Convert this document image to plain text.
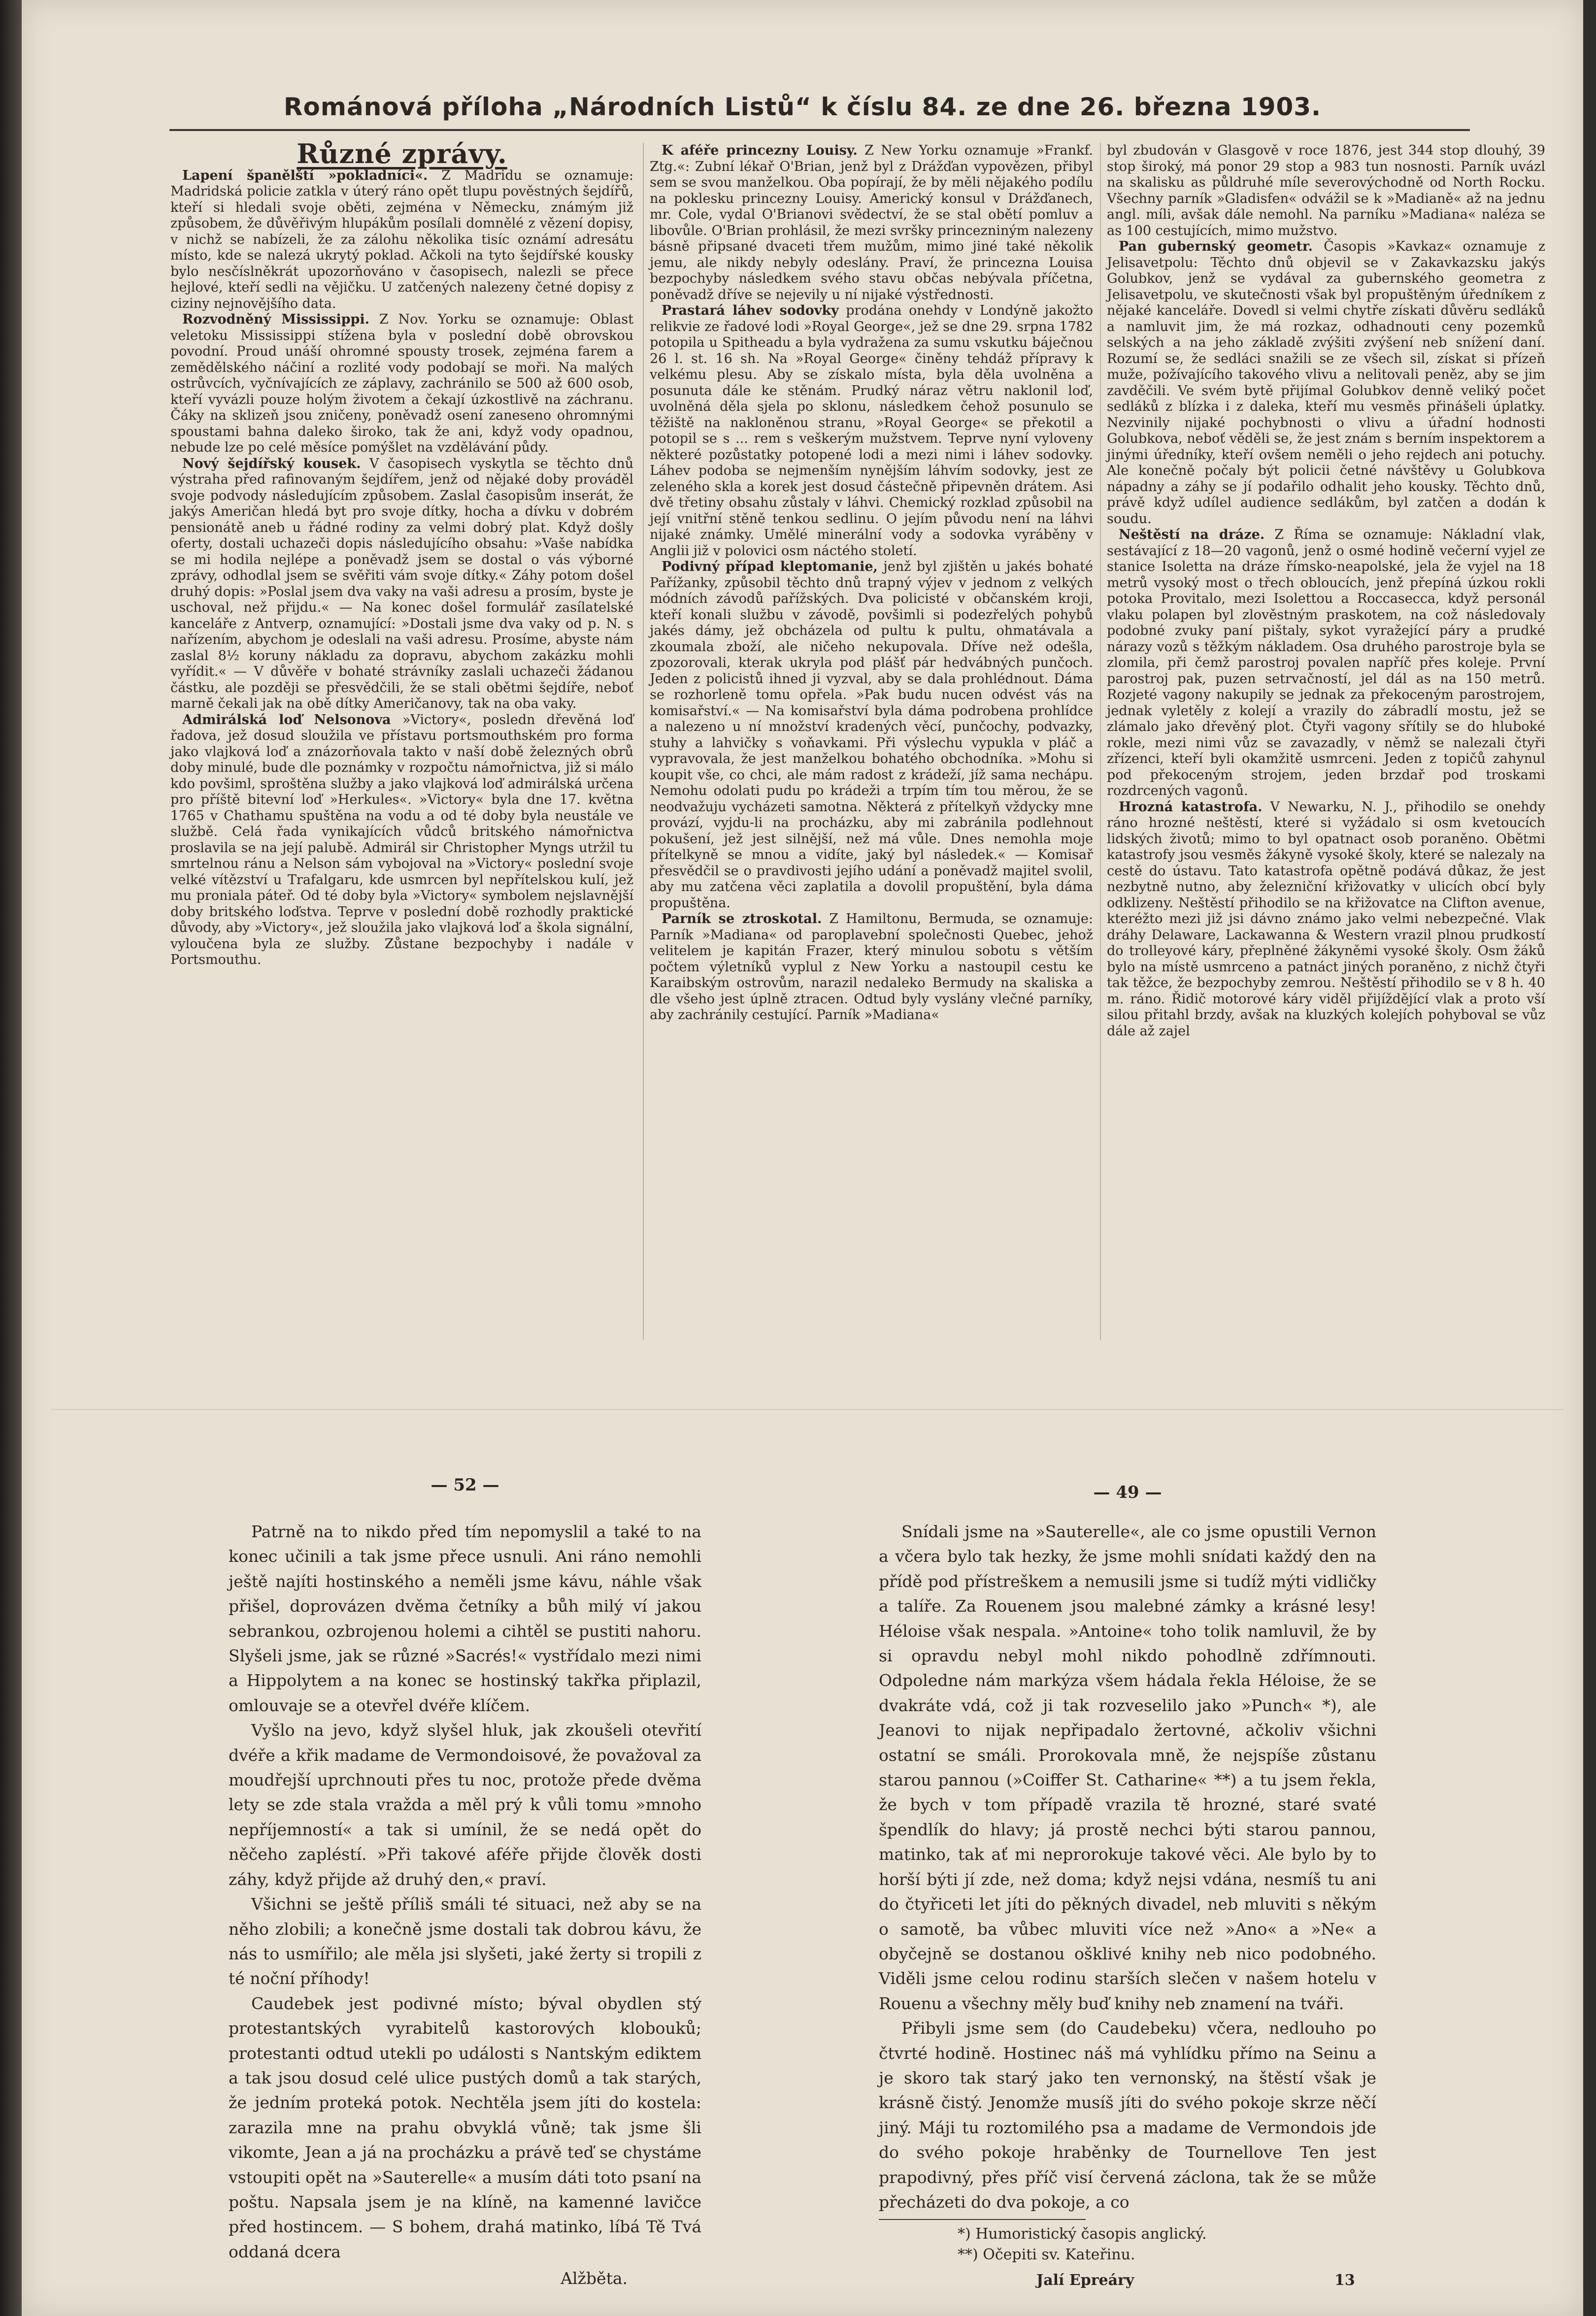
Románová příloha „Národních Listů“ k číslu 84. ze dne 26. března 1903.
Různé zprávy.

Lapení španělští »pokladníci«. Z Madridu se oznamuje: Madridská policie zatkla v úterý ráno opět tlupu pověstných šejdířů, kteří si hledali svoje oběti, zejména v Německu, známým již způsobem, že důvěřivým hlupákům posílali domnělé z vězení dopisy, v nichž se nabízeli, že za zálohu několika tisíc oznámí adresátu místo, kde se nalezá ukrytý poklad. Ačkoli na tyto šejdířské kousky bylo nesčíslněkrát upozorňováno v časopisech, nalezli se přece hejlové, kteří sedli na vějičku. U zatčených nalezeny četné dopisy z ciziny nejnovějšího data.

Rozvodněný Mississippi. Z Nov. Yorku se oznamuje: Oblast veletoku Mississippi stížena byla v poslední době obrovskou povodní. Proud unáší ohromné spousty trosek, zejména farem a zemědělského náčiní a rozlité vody podobají se moři. Na malých ostrůvcích, vyčnívajících ze záplavy, zachránilo se 500 až 600 osob, kteří vyvázli pouze holým životem a čekají úzkostlivě na záchranu. Čáky na sklizeň jsou zničeny, poněvadž osení zaneseno ohromnými spoustami bahna daleko široko, tak že ani, když vody opadnou, nebude lze po celé měsíce pomýšlet na vzdělávání půdy.

Nový šejdířský kousek. V časopisech vyskytla se těchto dnů výstraha před rafinovaným šejdířem, jenž od nějaké doby prováděl svoje podvody následujícím způsobem. Zaslal časopisům inserát, že jakýs Američan hledá byt pro svoje dítky, hocha a dívku v dobrém pensionátě aneb u řádné rodiny za velmi dobrý plat. Když došly oferty, dostali uchazeči dopis následujícího obsahu: »Vaše nabídka se mi hodila nejlépe a poněvadž jsem se dostal o vás výborné zprávy, odhodlal jsem se svěřiti vám svoje dítky.« Záhy potom došel druhý dopis: »Poslal jsem dva vaky na vaši adresu a prosím, byste je uschoval, než přijdu.« — Na konec došel formulář zasílatelské kanceláře z Antverp, oznamující: »Dostali jsme dva vaky od p. N. s nařízením, abychom je odeslali na vaši adresu. Prosíme, abyste nám zaslal 8½ koruny nákladu za dopravu, abychom zakázku mohli vyřídit.« — V důvěře v bohaté strávníky zaslali uchazeči žádanou částku, ale později se přesvědčili, že se stali obětmi šejdíře, neboť marně čekali jak na obě dítky Američanovy, tak na oba vaky.

Admirálská loď Nelsonova »Victory«, posledn dřevěná loď řadova, jež dosud sloužila ve přístavu portsmouthském pro forma jako vlajková loď a znázorňovala takto v naší době železných obrů doby minulé, bude dle poznámky v rozpočtu námořnictva, již si málo kdo povšiml, sproštěna služby a jako vlajková loď admirálská určena pro příště bitevní loď »Herkules«. »Victory« byla dne 17. května 1765 v Chathamu spuštěna na vodu a od té doby byla neustále ve službě. Celá řada vynikajících vůdců britského námořnictva proslavila se na její palubě. Admirál sir Christopher Myngs utržil tu smrtelnou ránu a Nelson sám vybojoval na »Victory« poslední svoje velké vítězství u Trafalgaru, kde usmrcen byl nepřítelskou kulí, jež mu proniala páteř. Od té doby byla »Victory« symbolem nejslavnější doby britského loďstva. Teprve v poslední době rozhodly praktické důvody, aby »Victory«, jež sloužila jako vlajková loď a škola signální, vyloučena byla ze služby. Zůstane bezpochyby i nadále v Portsmouthu.

K aféře princezny Louisy. Z New Yorku oznamuje »Frankf. Ztg.«: Zubní lékař O'Brian, jenž byl z Drážďan vypovězen, přibyl sem se svou manželkou. Oba popírají, že by měli nějakého podílu na poklesku princezny Louisy. Americký konsul v Drážďanech, mr. Cole, vydal O'Brianovi svědectví, že se stal obětí pomluv a libovůle. O'Brian prohlásil, že mezi svršky princezniným nalezeny básně připsané dvaceti třem mužům, mimo jiné také několik jemu, ale nikdy nebyly odeslány. Praví, že princezna Louisa bezpochyby následkem svého stavu občas nebývala příčetna, poněvadž dříve se nejevily u ní nijaké výstřednosti.

Prastará láhev sodovky prodána onehdy v Londýně jakožto relikvie ze řadové lodi »Royal George«, jež se dne 29. srpna 1782 potopila u Spitheadu a byla vydražena za sumu vskutku báječnou 26 l. st. 16 sh. Na »Royal George« činěny tehdáž přípravy k velkému plesu. Aby se získalo místa, byla děla uvolněna a posunuta dále ke stěnám. Prudký náraz větru naklonil loď, uvolněná děla sjela po sklonu, následkem čehož posunulo se těžiště na nakloněnou stranu, »Royal George« se překotil a potopil se s ... rem s veškerým mužstvem. Teprve nyní vyloveny některé pozůstatky potopené lodi a mezi nimi i láhev sodovky. Láhev podoba se nejmenším nynějším láhvím sodovky, jest ze zeleného skla a korek jest dosud částečně připevněn drátem. Asi dvě třetiny obsahu zůstaly v láhvi. Chemický rozklad způsobil na její vnitřní stěně tenkou sedlinu. O jejím původu není na láhvi nijaké známky. Umělé minerální vody a sodovka vyráběny v Anglii již v polovici osm náctého století.

Podivný případ kleptomanie, jenž byl zjištěn u jakés bohaté Pařížanky, způsobil těchto dnů trapný výjev v jednom z velkých módních závodů pařížských. Dva policisté v občanském kroji, kteří konali službu v závodě, povšimli si podezřelých pohybů jakés dámy, jež obcházela od pultu k pultu, ohmatávala a zkoumala zboží, ale ničeho nekupovala. Dříve než odešla, zpozorovali, kterak ukryla pod plášť pár hedvábných punčoch. Jeden z policistů ihned ji vyzval, aby se dala prohlédnout. Dáma se rozhorleně tomu opřela. »Pak budu nucen odvést vás na komisařství.« — Na komisařství byla dáma podrobena prohlídce a nalezeno u ní množství kradených věcí, punčochy, podvazky, stuhy a lahvičky s voňavkami. Při výslechu vypukla v pláč a vypravovala, že jest manželkou bohatého obchodníka. »Mohu si koupit vše, co chci, ale mám radost z krádeží, jíž sama nechápu. Nemohu odolati pudu po krádeži a trpím tím tou měrou, že se neodvažuju vycházeti samotna. Některá z přítelkyň vždycky mne provází, vyjdu-li na procházku, aby mi zabránila podlehnout pokušení, jež jest silnější, než má vůle. Dnes nemohla moje přítelkyně se mnou a vidíte, jaký byl následek.« — Komisař přesvědčil se o pravdivosti jejího udání a poněvadž majitel svolil, aby mu zatčena věci zaplatila a dovolil propuštění, byla dáma propuštěna.

Parník se ztroskotal. Z Hamiltonu, Bermuda, se oznamuje: Parník »Madiana« od paroplavební společnosti Quebec, jehož velitelem je kapitán Frazer, který minulou sobotu s větším počtem výletníků vyplul z New Yorku a nastoupil cestu ke Karaibským ostrovům, narazil nedaleko Bermudy na skaliska a dle všeho jest úplně ztracen. Odtud byly vyslány vlečné parníky, aby zachránily cestující. Parník »Madiana«

byl zbudován v Glasgově v roce 1876, jest 344 stop dlouhý, 39 stop široký, má ponor 29 stop a 983 tun nosnosti. Parník uvázl na skalisku as půldruhé míle severovýchodně od North Rocku. Všechny parník »Gladisfen« odvážil se k »Madianě« až na jednu angl. míli, avšak dále nemohl. Na parníku »Madiana« naléza se as 100 cestujících, mimo mužstvo.

Pan gubernský geometr. Časopis »Kavkaz« oznamuje z Jelisavetpolu: Těchto dnů objevil se v Zakavkazsku jakýs Golubkov, jenž se vydával za gubernského geometra z Jelisavetpolu, ve skutečnosti však byl propuštěným úředníkem z nějaké kanceláře. Dovedl si velmi chytře získati důvěru sedláků a namluvit jim, že má rozkaz, odhadnouti ceny pozemků selských a na jeho základě zvýšiti zvýšení neb snížení daní. Rozumí se, že sedláci snažili se ze všech sil, získat si přízeň muže, požívajícího takového vlivu a nelitovali peněz, aby se jim zavděčili. Ve svém bytě přijímal Golubkov denně veliký počet sedláků z blízka i z daleka, kteří mu vesměs přinášeli úplatky. Nezvinily nijaké pochybnosti o vlivu a úřadní hodnosti Golubkova, neboť věděli se, že jest znám s berním inspektorem a jinými úředníky, kteří ovšem neměli o jeho rejdech ani potuchy. Ale konečně počaly být policii četné návštěvy u Golubkova nápadny a záhy se jí podařilo odhalit jeho kousky. Těchto dnů, právě když udílel audience sedlákům, byl zatčen a dodán k soudu.

Neštěstí na dráze. Z Říma se oznamuje: Nákladní vlak, sestávající z 18—20 vagonů, jenž o osmé hodině večerní vyjel ze stanice Isoletta na dráze římsko-neapolské, jela že vyjel na 18 metrů vysoký most o třech obloucích, jenž přepíná úzkou rokli potoka Provitalo, mezi Isolettou a Roccasecca, když personál vlaku polapen byl zlověstným praskotem, na což následovaly podobné zvuky paní pištaly, sykot vyražející páry a prudké nárazy vozů s těžkým nákladem. Osa druhého parostroje byla se zlomila, při čemž parostroj povalen napříč přes koleje. První parostroj pak, puzen setrvačností, jel dál as na 150 metrů. Rozjeté vagony nakupily se jednak za překoceným parostrojem, jednak vyletěly z kolejí a vrazily do zábradlí mostu, jež se zlámalo jako dřevěný plot. Čtyři vagony sřítily se do hluboké rokle, mezi nimi vůz se zavazadly, v němž se nalezali čtyři zřízenci, kteří byli okamžitě usmrceni. Jeden z topičů zahynul pod překoceným strojem, jeden brzdař pod troskami rozdrcených vagonů.

Hrozná katastrofa. V Newarku, N. J., přihodilo se onehdy ráno hrozné neštěstí, které si vyžádalo si osm kvetoucích lidských životů; mimo to byl opatnact osob poraněno. Obětmi katastrofy jsou vesměs žákyně vysoké školy, které se nalezaly na cestě do ústavu. Tato katastrofa opětně podává důkaz, že jest nezbytně nutno, aby železniční křižovatky v ulicích obcí byly odklizeny. Neštěstí přihodilo se na křižovatce na Clifton avenue, kteréžto mezi již jsi dávno známo jako velmi nebezpečné. Vlak dráhy Delaware, Lackawanna & Western vrazil plnou prudkostí do trolleyové káry, přeplněné žákyněmi vysoké školy. Osm žáků bylo na místě usmrceno a patnáct jiných poraněno, z nichž čtyři tak těžce, že bezpochyby zemrou. Neštěstí přihodilo se v 8 h. 40 m. ráno. Řidič motorové káry viděl přijíždějící vlak a proto vší silou přitahl brzdy, avšak na kluzkých kolejích pohyboval se vůz dále až zajel

— 52 —

Patrně na to nikdo před tím nepomyslil a také to na konec učinili a tak jsme přece usnuli. Ani ráno nemohli ještě najíti hostinského a neměli jsme kávu, náhle však přišel, doprovázen dvěma četníky a bůh milý ví jakou sebrankou, ozbrojenou holemi a cihtěl se pustiti nahoru. Slyšeli jsme, jak se různé »Sacrés!« vystřídalo mezi nimi a Hippolytem a na konec se hostinský takřka připlazil, omlouvaje se a otevřel dvéře klíčem.

Vyšlo na jevo, když slyšel hluk, jak zkoušeli otevřití dvéře a křik madame de Vermondoisové, že považoval za moudřejší uprchnouti přes tu noc, protože přede dvěma lety se zde stala vražda a měl prý k vůli tomu »mnoho nepříjemností« a tak si umínil, že se nedá opět do něčeho zapléstí. »Při takové aféře přijde člověk dosti záhy, když přijde až druhý den,« praví.

Všichni se ještě příliš smáli té situaci, než aby se na něho zlobili; a konečně jsme dostali tak dobrou kávu, že nás to usmířilo; ale měla jsi slyšeti, jaké žerty si tropili z té noční příhody!

Caudebek jest podivné místo; býval obydlen stý protestantských vyrabitelů kastorových klobouků; protestanti odtud utekli po události s Nantským ediktem a tak jsou dosud celé ulice pustých domů a tak starých, že jedním proteká potok. Nechtěla jsem jíti do kostela: zarazila mne na prahu obvyklá vůně; tak jsme šli vikomte, Jean a já na procházku a právě teď se chystáme vstoupiti opět na »Sauterelle« a musím dáti toto psaní na poštu. Napsala jsem je na klíně, na kamenné lavičce před hostincem. — S bohem, drahá matinko, líbá Tě Tvá oddaná dcera

Alžběta.
— 49 —

Snídali jsme na »Sauterelle«, ale co jsme opustili Vernon a včera bylo tak hezky, že jsme mohli snídati každý den na přídě pod přístreškem a nemusili jsme si tudíž mýti vidličky a talíře. Za Rouenem jsou malebné zámky a krásné lesy! Héloise však nespala. »Antoine« toho tolik namluvil, že by si opravdu nebyl mohl nikdo pohodlně zdřímnouti. Odpoledne nám markýza všem hádala řekla Héloise, že se dvakráte vdá, což ji tak rozveselilo jako »Punch« *), ale Jeanovi to nijak nepřipadalo žertovné, ačkoliv všichni ostatní se smáli. Prorokovala mně, že nejspíše zůstanu starou pannou (»Coiffer St. Catharine« **) a tu jsem řekla, že bych v tom případě vrazila tě hrozné, staré svaté špendlík do hlavy; já prostě nechci býti starou pannou, matinko, tak ať mi neprorokuje takové věci. Ale bylo by to horší býti jí zde, než doma; když nejsi vdána, nesmíš tu ani do čtyřiceti let jíti do pěkných divadel, neb mluviti s někým o samotě, ba vůbec mluviti více než »Ano« a »Ne« a obyčejně se dostanou ošklivé knihy neb nico podobného. Viděli jsme celou rodinu starších slečen v našem hotelu v Rouenu a všechny měly buď knihy neb znamení na tváři.

Přibyli jsme sem (do Caudebeku) včera, nedlouho po čtvrté hodině. Hostinec náš má vyhlídku přímo na Seinu a je skoro tak starý jako ten vernonský, na štěstí však je krásně čistý. Jenomže musíš jíti do svého pokoje skrze něčí jiný. Máji tu roztomilého psa a madame de Vermondois jde do svého pokoje hraběnky de Tournellove Ten jest prapodivný, přes příč visí červená záclona, tak že se může přecházeti do dva pokoje, a co

*) Humoristický časopis anglický.
**) Očepiti sv. Kateřinu.
Jalí Epreáry	13
